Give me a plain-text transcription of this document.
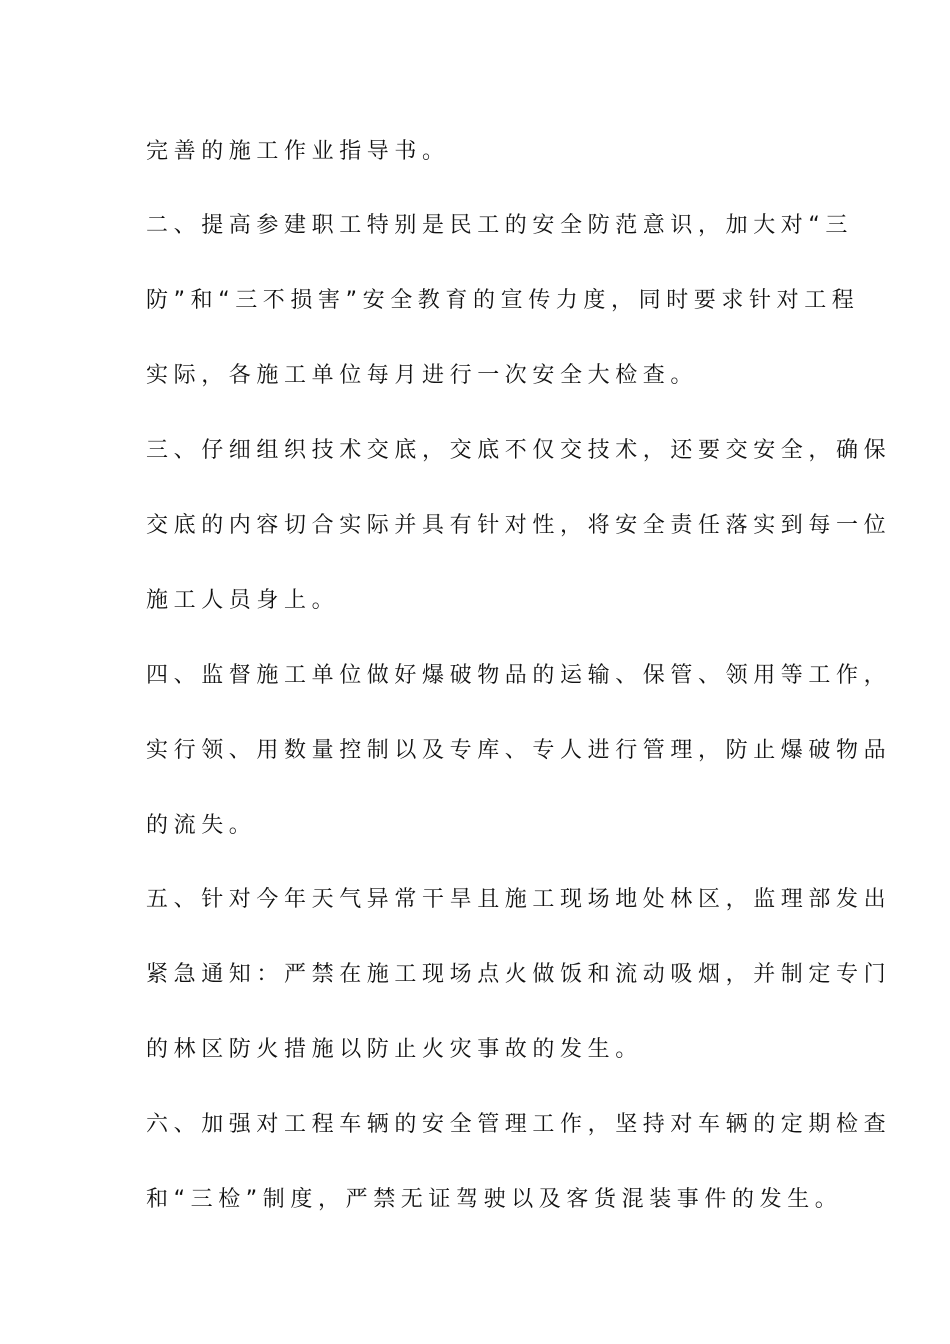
完善的施工作业指导书。
二、提高参建职工特别是民工的安全防范意识，加大对“三
防”和“三不损害”安全教育的宣传力度，同时要求针对工程
实际，各施工单位每月进行一次安全大检查。
三、仔细组织技术交底，交底不仅交技术，还要交安全，确保
交底的内容切合实际并具有针对性，将安全责任落实到每一位
施工人员身上。
四、监督施工单位做好爆破物品的运输、保管、领用等工作，
实行领、用数量控制以及专库、专人进行管理，防止爆破物品
的流失。
五、针对今年天气异常干旱且施工现场地处林区，监理部发出
紧急通知：严禁在施工现场点火做饭和流动吸烟，并制定专门
的林区防火措施以防止火灾事故的发生。
六、加强对工程车辆的安全管理工作，坚持对车辆的定期检查
和“三检”制度，严禁无证驾驶以及客货混装事件的发生。
